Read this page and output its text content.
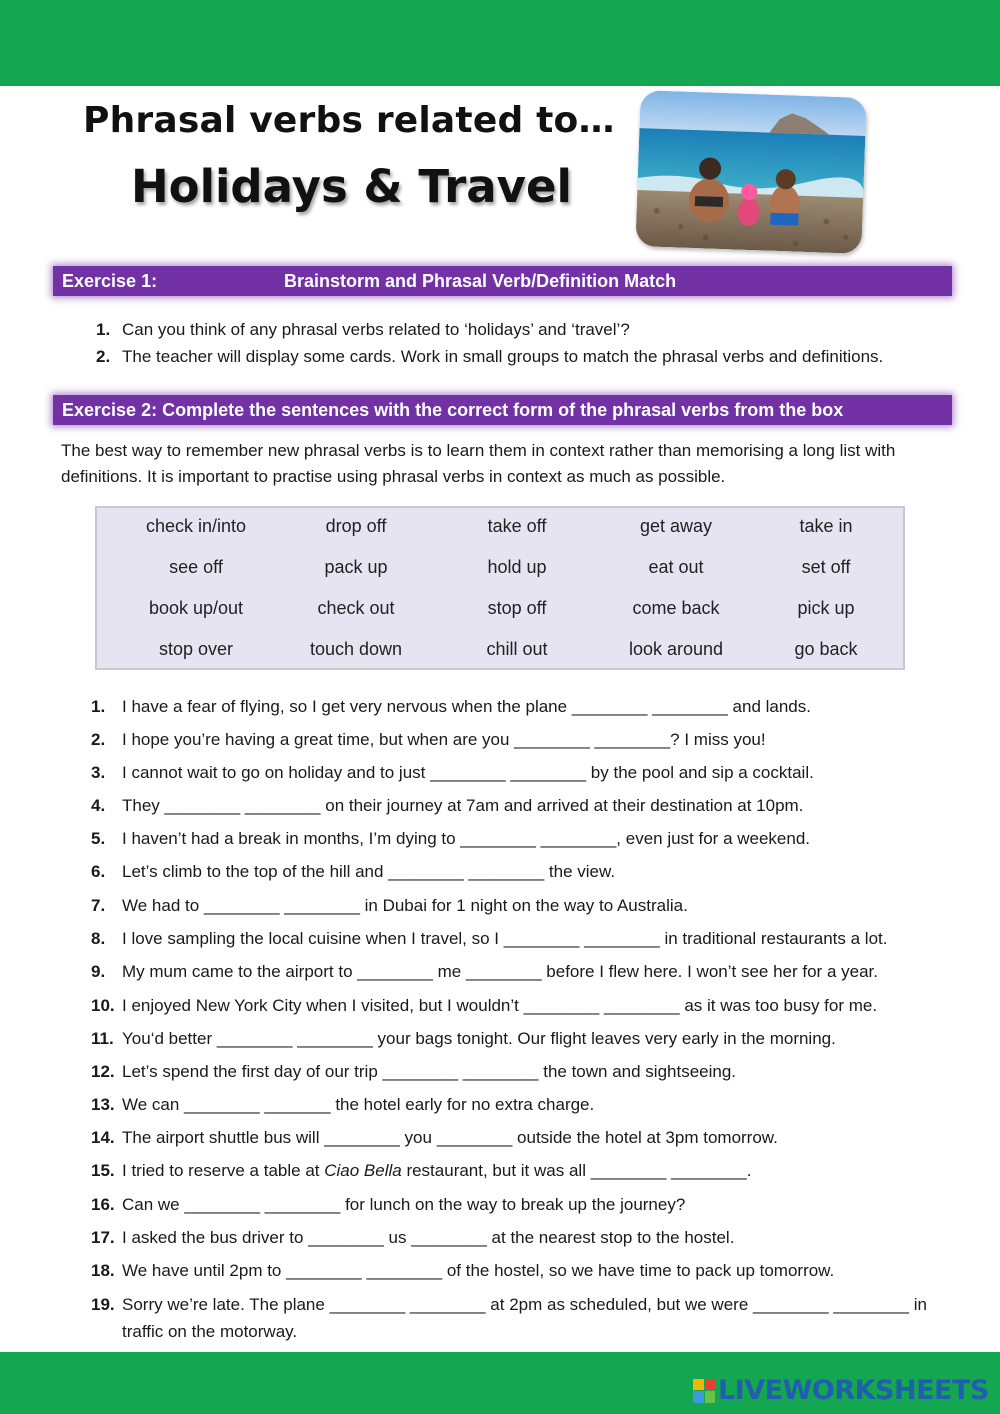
Phrasal verbs related to…
Holidays & Travel
Exercise 1:	Brainstorm and Phrasal Verb/Definition Match
1. Can you think of any phrasal verbs related to ‘holidays’ and ‘travel’?
2. The teacher will display some cards. Work in small groups to match the phrasal verbs and definitions.
Exercise 2: Complete the sentences with the correct form of the phrasal verbs from the box
The best way to remember new phrasal verbs is to learn them in context rather than memorising a long list with definitions. It is important to practise using phrasal verbs in context as much as possible.
check in/into	drop off	take off	get away	take in
see off	pack up	hold up	eat out	set off
book up/out	check out	stop off	come back	pick up
stop over	touch down	chill out	look around	go back
1. I have a fear of flying, so I get very nervous when the plane ________ ________ and lands.
2. I hope you’re having a great time, but when are you ________ ________? I miss you!
3. I cannot wait to go on holiday and to just ________ ________ by the pool and sip a cocktail.
4. They ________ ________ on their journey at 7am and arrived at their destination at 10pm.
5. I haven’t had a break in months, I’m dying to ________ ________, even just for a weekend.
6. Let’s climb to the top of the hill and ________ ________ the view.
7. We had to ________ ________ in Dubai for 1 night on the way to Australia.
8. I love sampling the local cuisine when I travel, so I ________ ________ in traditional restaurants a lot.
9. My mum came to the airport to ________ me ________ before I flew here. I won’t see her for a year.
10. I enjoyed New York City when I visited, but I wouldn’t ________ ________ as it was too busy for me.
11. You‘d better ________ ________ your bags tonight. Our flight leaves very early in the morning.
12. Let’s spend the first day of our trip ________ ________ the town and sightseeing.
13. We can ________ _______ the hotel early for no extra charge.
14. The airport shuttle bus will ________ you ________ outside the hotel at 3pm tomorrow.
15. I tried to reserve a table at Ciao Bella restaurant, but it was all ________ ________.
16. Can we ________ ________ for lunch on the way to break up the journey?
17. I asked the bus driver to ________ us ________ at the nearest stop to the hostel.
18. We have until 2pm to ________ ________ of the hostel, so we have time to pack up tomorrow.
19. Sorry we’re late. The plane ________ ________ at 2pm as scheduled, but we were ________ ________ in
traffic on the motorway.
LIVEWORKSHEETS
